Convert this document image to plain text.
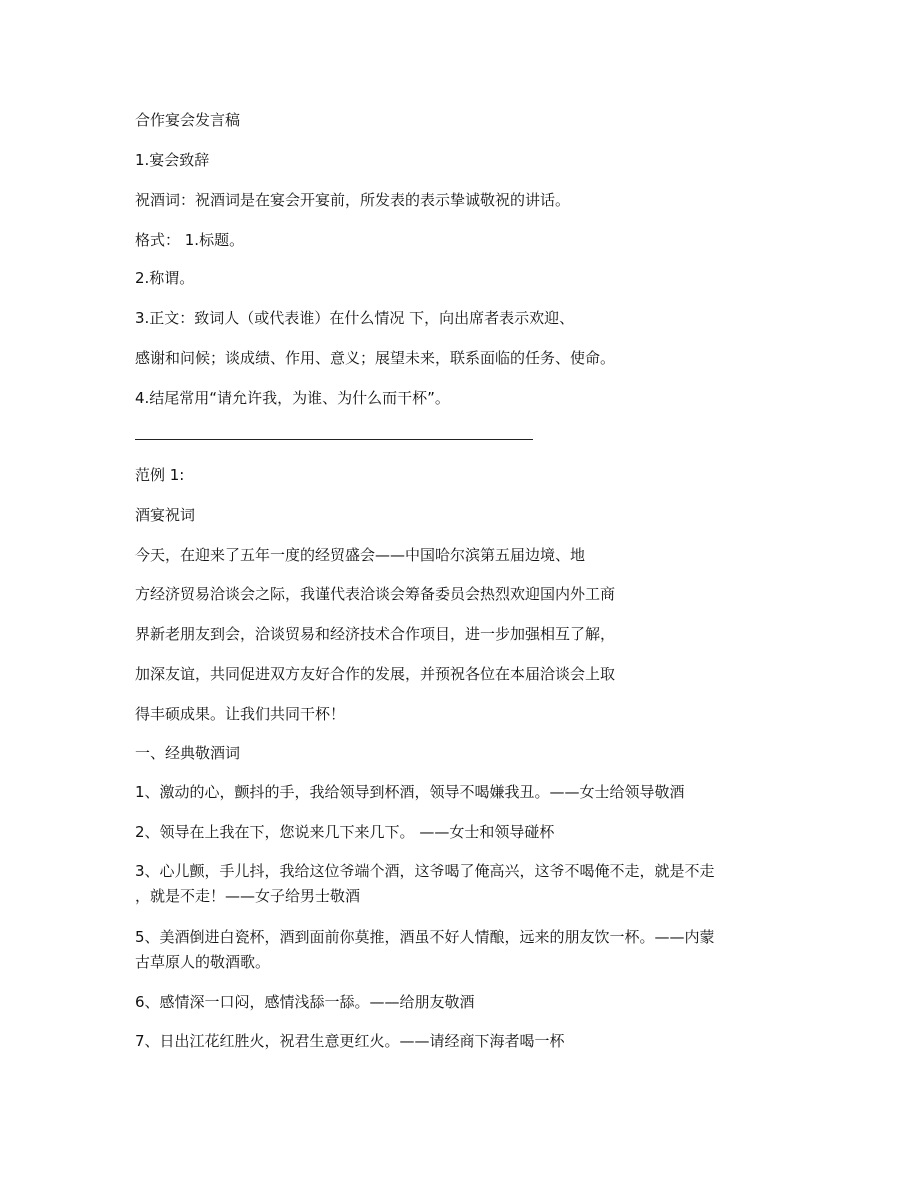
合作宴会发言稿
1.宴会致辞
祝酒词：祝酒词是在宴会开宴前，所发表的表示挚诚敬祝的讲话。
格式： 1.标题。
2.称谓。
3.正文：致词人（或代表谁）在什么情况 下，向出席者表示欢迎、
感谢和问候；谈成绩、作用、意义；展望未来，联系面临的任务、使命。
4.结尾常用“请允许我，为谁、为什么而干杯”。
范例 1:
酒宴祝词
今天，在迎来了五年一度的经贸盛会——中国哈尔滨第五届边境、地
方经济贸易洽谈会之际，我谨代表洽谈会筹备委员会热烈欢迎国内外工商
界新老朋友到会，洽谈贸易和经济技术合作项目，进一步加强相互了解，
加深友谊，共同促进双方友好合作的发展，并预祝各位在本届洽谈会上取
得丰硕成果。让我们共同干杯！
一、经典敬酒词
1、激动的心，颤抖的手，我给领导到杯酒，领导不喝嫌我丑。——女士给领导敬酒
2、领导在上我在下，您说来几下来几下。 ——女士和领导碰杯
3、心儿颤，手儿抖，我给这位爷端个酒，这爷喝了俺高兴，这爷不喝俺不走，就是不走
，就是不走！——女子给男士敬酒
5、美酒倒进白瓷杯，酒到面前你莫推，酒虽不好人情酿，远来的朋友饮一杯。——内蒙
古草原人的敬酒歌。
6、感情深一口闷，感情浅舔一舔。——给朋友敬酒
7、日出江花红胜火，祝君生意更红火。——请经商下海者喝一杯
